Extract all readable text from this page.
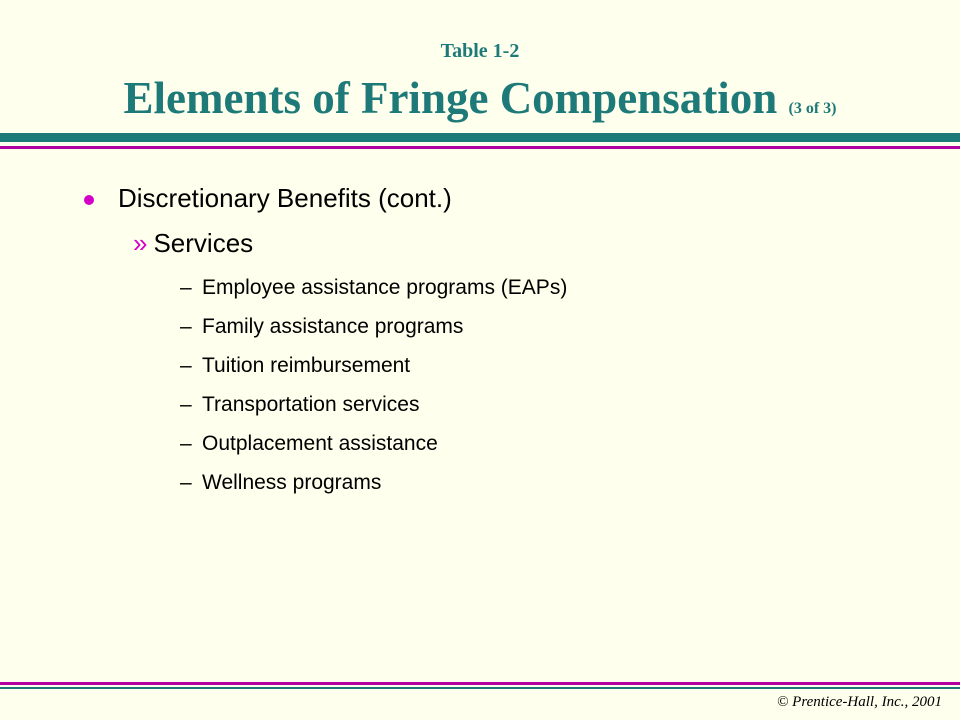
Table 1-2
Elements of Fringe Compensation (3 of 3)
Discretionary Benefits (cont.)
» Services
– Employee assistance programs (EAPs)
– Family assistance programs
– Tuition reimbursement
– Transportation services
– Outplacement assistance
– Wellness programs
© Prentice-Hall, Inc., 2001
